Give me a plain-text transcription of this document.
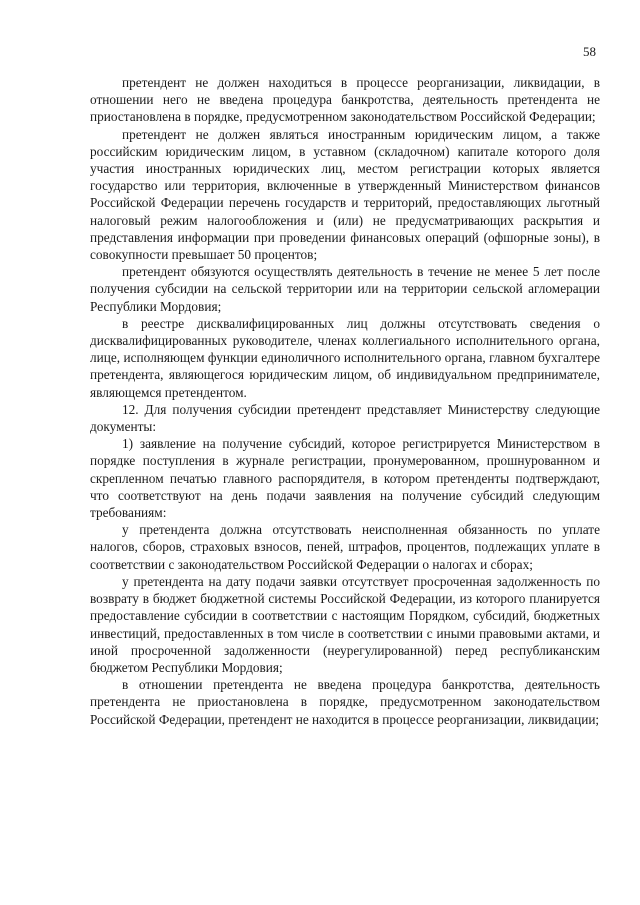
58

претендент не должен находиться в процессе реорганизации, ликвидации, в отношении него не введена процедура банкротства, деятельность претендента не приостановлена в порядке, предусмотренном законодательством Российской Федерации;

претендент не должен являться иностранным юридическим лицом, а также российским юридическим лицом, в уставном (складочном) капитале которого доля участия иностранных юридических лиц, местом регистрации которых является государство или территория, включенные в утвержденный Министерством финансов Российской Федерации перечень государств и территорий, предоставляющих льготный налоговый режим налогообложения и (или) не предусматривающих раскрытия и представления информации при проведении финансовых операций (офшорные зоны), в совокупности превышает 50 процентов;

претендент обязуются осуществлять деятельность в течение не менее 5 лет после получения субсидии на сельской территории или на территории сельской агломерации Республики Мордовия;

в реестре дисквалифицированных лиц должны отсутствовать сведения о дисквалифицированных руководителе, членах коллегиального исполнительного органа, лице, исполняющем функции единоличного исполнительного органа, главном бухгалтере претендента, являющегося юридическим лицом, об индивидуальном предпринимателе, являющемся претендентом.

12. Для получения субсидии претендент представляет Министерству следующие документы:

1) заявление на получение субсидий, которое регистрируется Министерством в порядке поступления в журнале регистрации, пронумерованном, прошнурованном и скрепленном печатью главного распорядителя, в котором претенденты подтверждают, что соответствуют на день подачи заявления на получение субсидий следующим требованиям:

у претендента должна отсутствовать неисполненная обязанность по уплате налогов, сборов, страховых взносов, пеней, штрафов, процентов, подлежащих уплате в соответствии с законодательством Российской Федерации о налогах и сборах;

у претендента на дату подачи заявки отсутствует просроченная задолженность по возврату в бюджет бюджетной системы Российской Федерации, из которого планируется предоставление субсидии в соответствии с настоящим Порядком, субсидий, бюджетных инвестиций, предоставленных в том числе в соответствии с иными правовыми актами, и иной просроченной задолженности (неурегулированной) перед республиканским бюджетом Республики Мордовия;

в отношении претендента не введена процедура банкротства, деятельность претендента не приостановлена в порядке, предусмотренном законодательством Российской Федерации, претендент не находится в процессе реорганизации, ликвидации;
